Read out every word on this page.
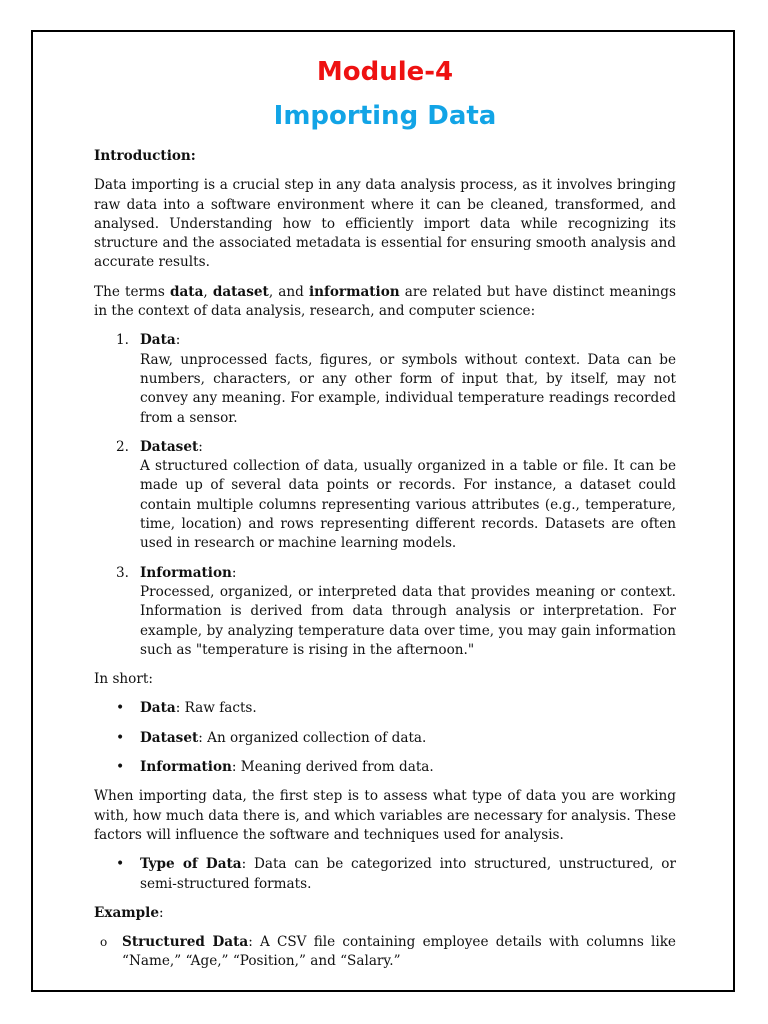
Module-4
Importing Data
Introduction:

Data importing is a crucial step in any data analysis process, as it involves bringing raw data into a software environment where it can be cleaned, transformed, and analysed. Understanding how to efficiently import data while recognizing its structure and the associated metadata is essential for ensuring smooth analysis and accurate results.

The terms data, dataset, and information are related but have distinct meanings in the context of data analysis, research, and computer science:

1. Data:
Raw, unprocessed facts, figures, or symbols without context. Data can be numbers, characters, or any other form of input that, by itself, may not convey any meaning. For example, individual temperature readings recorded from a sensor.
2. Dataset:
A structured collection of data, usually organized in a table or file. It can be made up of several data points or records. For instance, a dataset could contain multiple columns representing various attributes (e.g., temperature, time, location) and rows representing different records. Datasets are often used in research or machine learning models.
3. Information:
Processed, organized, or interpreted data that provides meaning or context. Information is derived from data through analysis or interpretation. For example, by analyzing temperature data over time, you may gain information such as "temperature is rising in the afternoon."

In short:

• Data: Raw facts.
• Dataset: An organized collection of data.
• Information: Meaning derived from data.

When importing data, the first step is to assess what type of data you are working with, how much data there is, and which variables are necessary for analysis. These factors will influence the software and techniques used for analysis.

• Type of Data: Data can be categorized into structured, unstructured, or semi-structured formats.

Example:

o Structured Data: A CSV file containing employee details with columns like “Name,” “Age,” “Position,” and “Salary.”
